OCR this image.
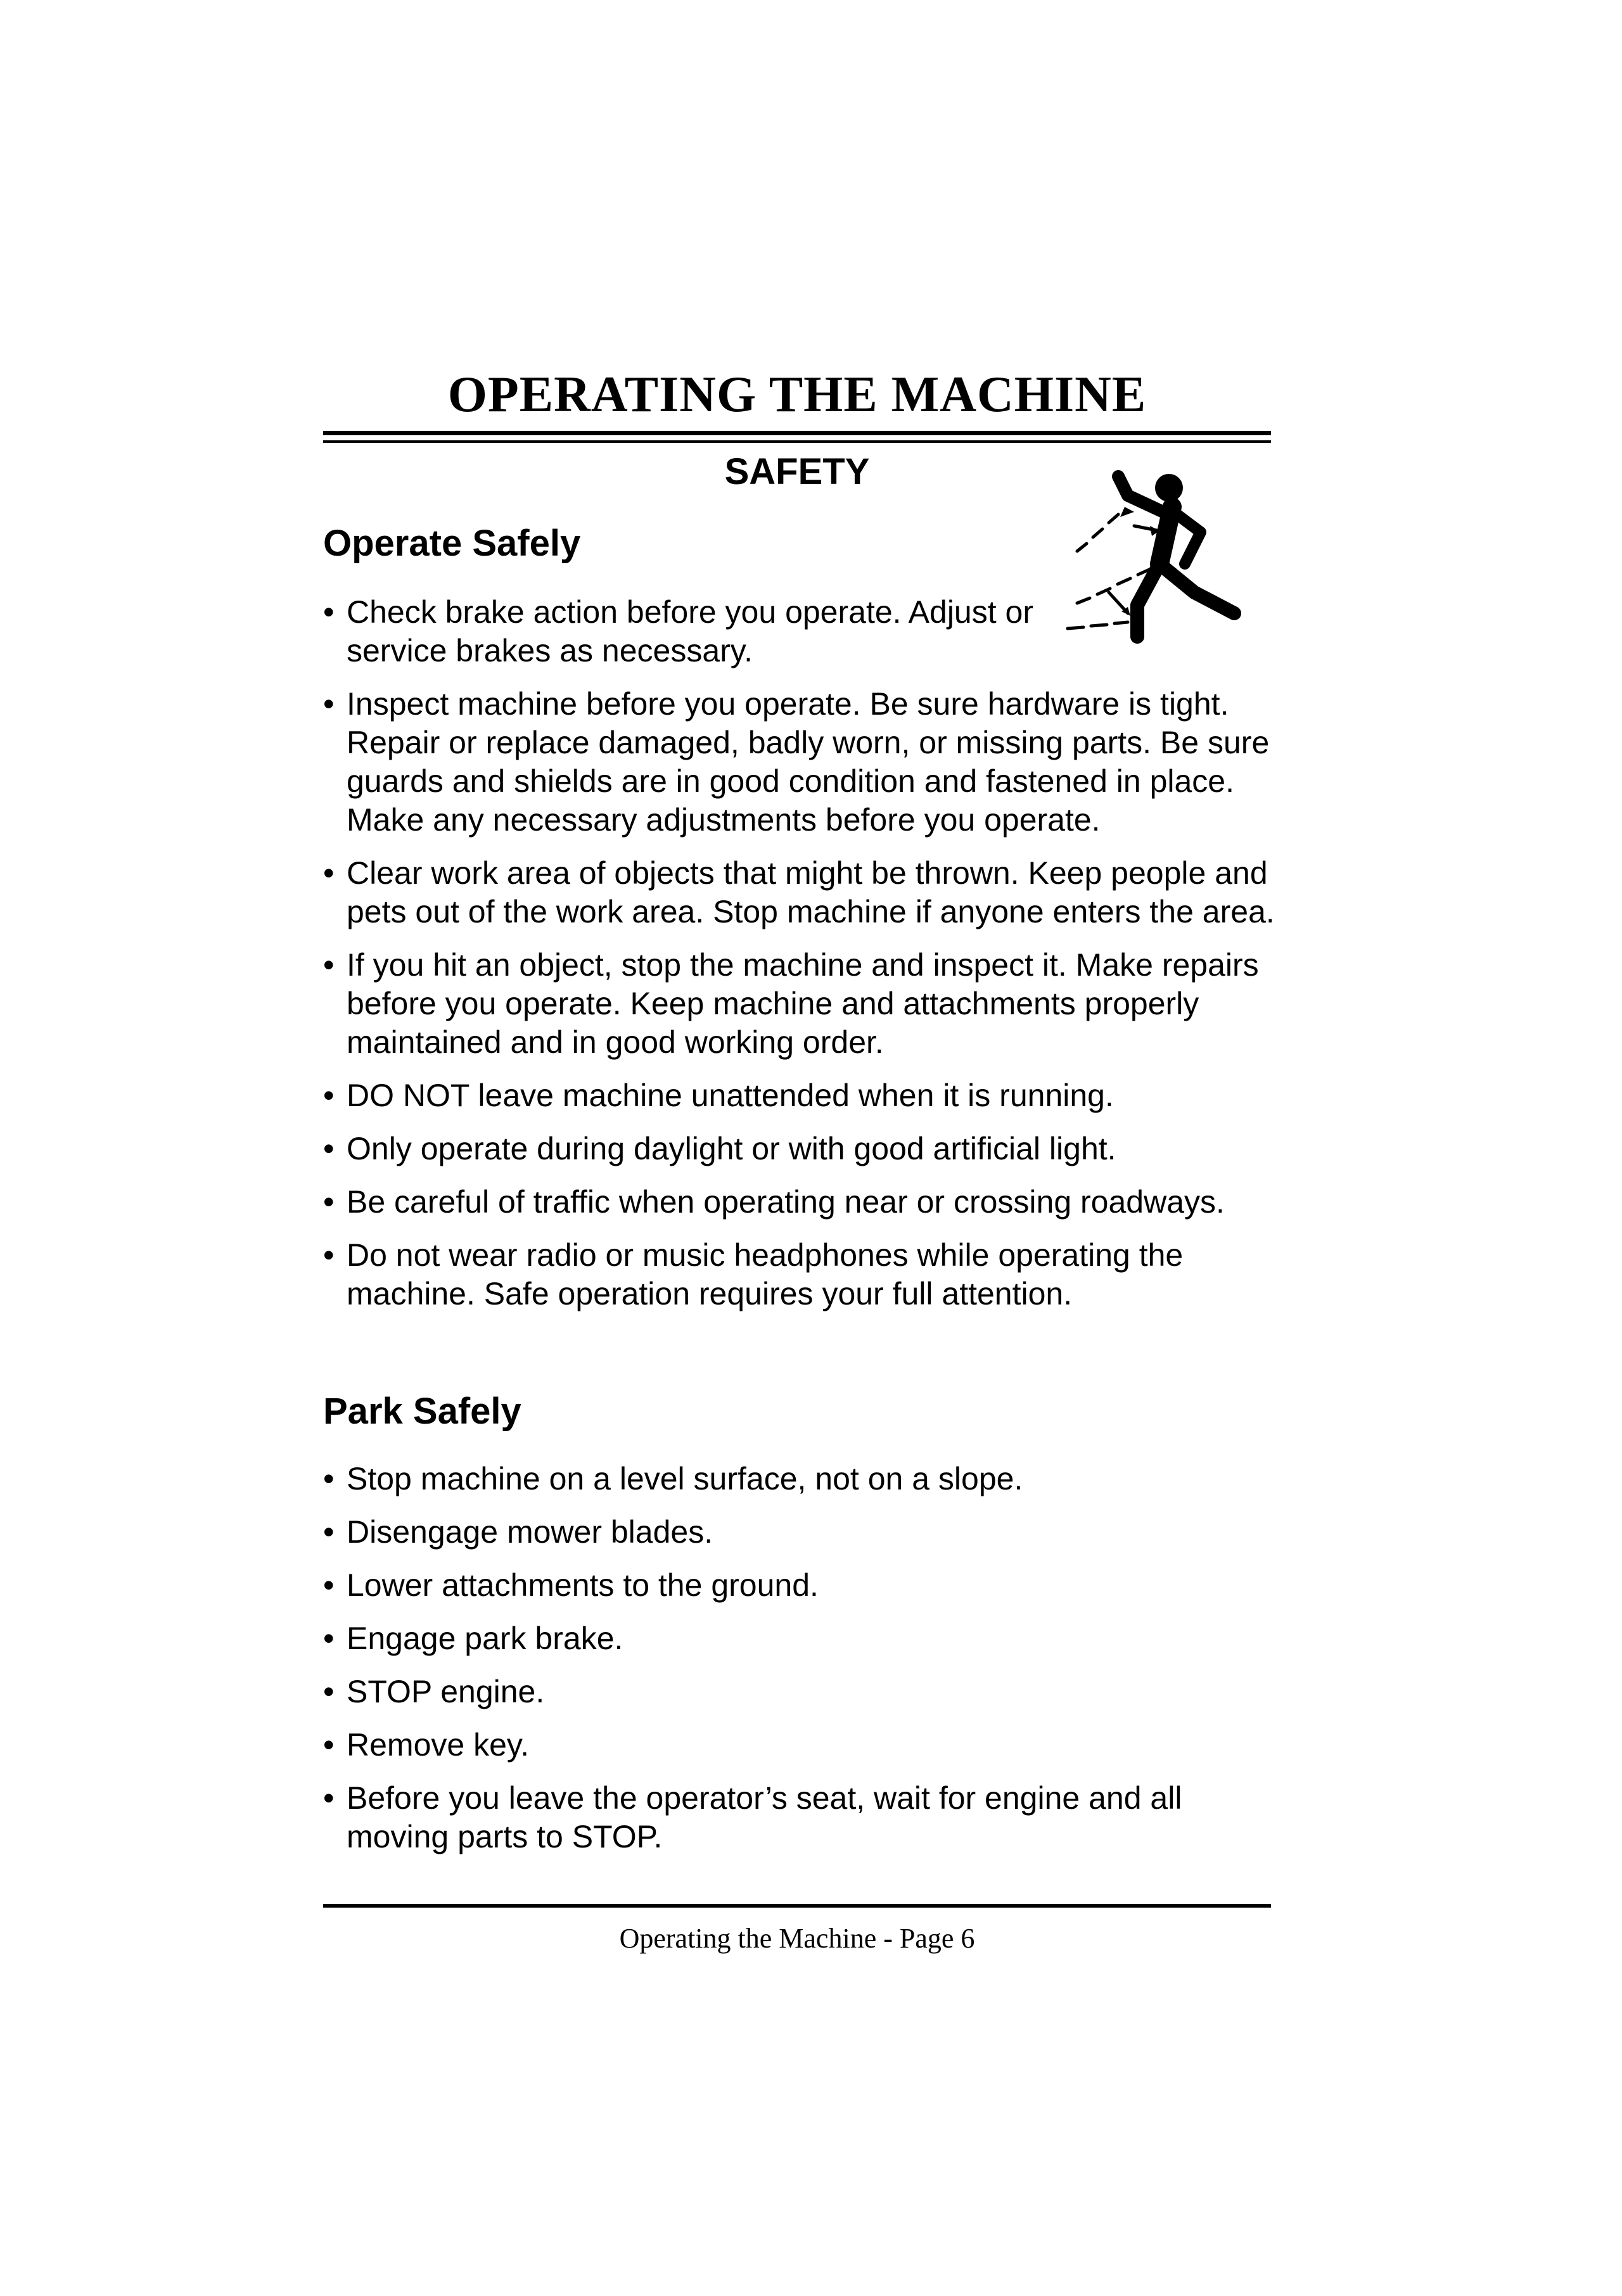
OPERATING THE MACHINE
SAFETY
Operate Safely
• Check brake action before you operate. Adjust or service brakes as necessary.
• Inspect machine before you operate. Be sure hardware is tight. Repair or replace damaged, badly worn, or missing parts. Be sure guards and shields are in good condition and fastened in place. Make any necessary adjustments before you operate.
• Clear work area of objects that might be thrown. Keep people and pets out of the work area. Stop machine if anyone enters the area.
• If you hit an object, stop the machine and inspect it. Make repairs before you operate. Keep machine and attachments properly maintained and in good working order.
• DO NOT leave machine unattended when it is running.
• Only operate during daylight or with good artificial light.
• Be careful of traffic when operating near or crossing roadways.
• Do not wear radio or music headphones while operating the machine. Safe operation requires your full attention.
Park Safely
• Stop machine on a level surface, not on a slope.
• Disengage mower blades.
• Lower attachments to the ground.
• Engage park brake.
• STOP engine.
• Remove key.
• Before you leave the operator’s seat, wait for engine and all moving parts to STOP.
Operating the Machine - Page 6
